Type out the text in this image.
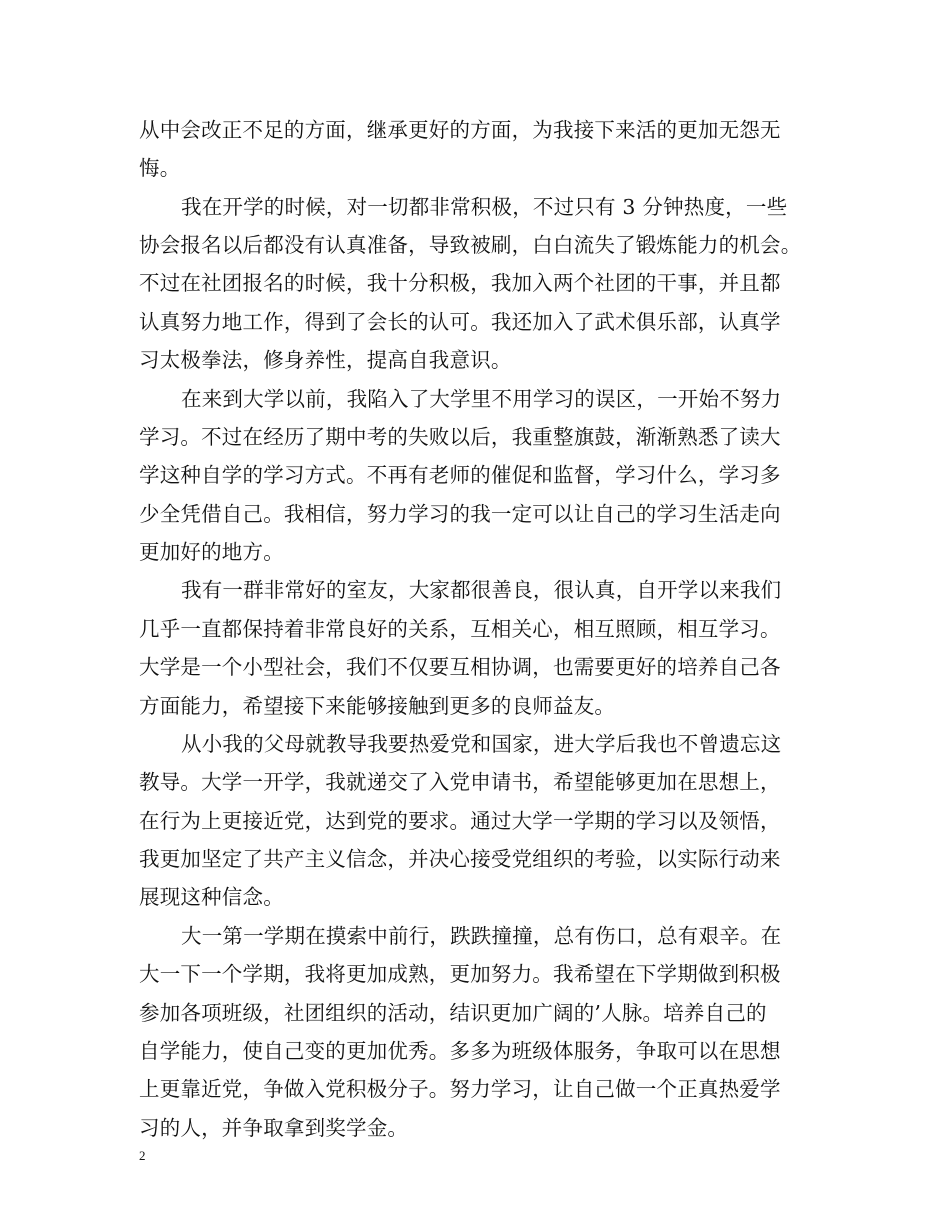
从中会改正不足的方面，继承更好的方面，为我接下来活的更加无怨无
悔。
我在开学的时候，对一切都非常积极，不过只有 3 分钟热度，一些
协会报名以后都没有认真准备，导致被刷，白白流失了锻炼能力的机会。
不过在社团报名的时候，我十分积极，我加入两个社团的干事，并且都
认真努力地工作，得到了会长的认可。我还加入了武术俱乐部，认真学
习太极拳法，修身养性，提高自我意识。
在来到大学以前，我陷入了大学里不用学习的误区，一开始不努力
学习。不过在经历了期中考的失败以后，我重整旗鼓，渐渐熟悉了读大
学这种自学的学习方式。不再有老师的催促和监督，学习什么，学习多
少全凭借自己。我相信，努力学习的我一定可以让自己的学习生活走向
更加好的地方。
我有一群非常好的室友，大家都很善良，很认真，自开学以来我们
几乎一直都保持着非常良好的关系，互相关心，相互照顾，相互学习。
大学是一个小型社会，我们不仅要互相协调，也需要更好的培养自己各
方面能力，希望接下来能够接触到更多的良师益友。
从小我的父母就教导我要热爱党和国家，进大学后我也不曾遗忘这
教导。大学一开学，我就递交了入党申请书，希望能够更加在思想上，
在行为上更接近党，达到党的要求。通过大学一学期的学习以及领悟，
我更加坚定了共产主义信念，并决心接受党组织的考验，以实际行动来
展现这种信念。
大一第一学期在摸索中前行，跌跌撞撞，总有伤口，总有艰辛。在
大一下一个学期，我将更加成熟，更加努力。我希望在下学期做到积极
参加各项班级，社团组织的活动，结识更加广阔的’人脉。培养自己的
自学能力，使自己变的更加优秀。多多为班级体服务，争取可以在思想
上更靠近党，争做入党积极分子。努力学习，让自己做一个正真热爱学
习的人，并争取拿到奖学金。
2
